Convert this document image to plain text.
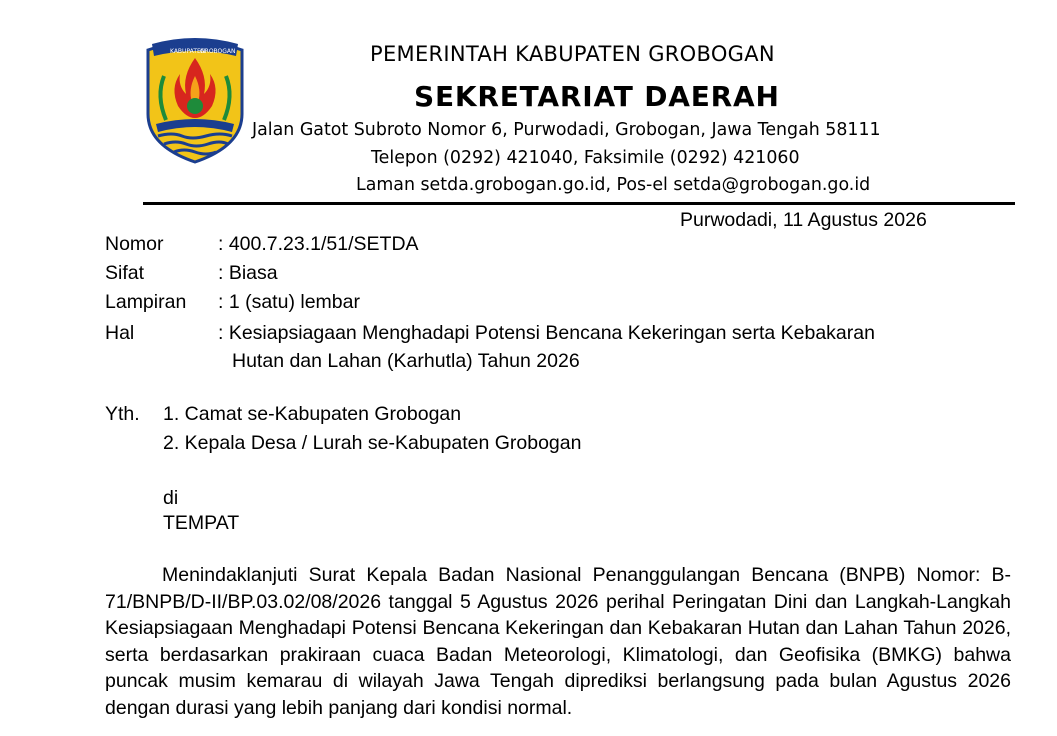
KABUPATEN
GROBOGAN	PEMERINTAH KABUPATEN GROBOGAN
SEKRETARIAT DAERAH
Jalan Gatot Subroto Nomor 6, Purwodadi, Grobogan, Jawa Tengah 58111
Telepon (0292) 421040, Faksimile (0292) 421060
Laman setda.grobogan.go.id, Pos-el setda@grobogan.go.id
Purwodadi, 11 Agustus 2026
Nomor	: 400.7.23.1/51/SETDA
Sifat	: Biasa
Lampiran : 1 (satu) lembar
Hal	: Kesiapsiagaan Menghadapi Potensi Bencana Kekeringan serta Kebakaran
Hutan dan Lahan (Karhutla) Tahun 2026
Yth. 1. Camat se-Kabupaten Grobogan
2. Kepala Desa / Lurah se-Kabupaten Grobogan
di
TEMPAT
Menindaklanjuti Surat Kepala Badan Nasional Penanggulangan Bencana (BNPB) Nomor: B-71/BNPB/D-II/BP.03.02/08/2026 tanggal 5 Agustus 2026 perihal Peringatan Dini dan Langkah-Langkah Kesiapsiagaan Menghadapi Potensi Bencana Kekeringan dan Kebakaran Hutan dan Lahan Tahun 2026, serta berdasarkan prakiraan cuaca Badan Meteorologi, Klimatologi, dan Geofisika (BMKG) bahwa puncak musim kemarau di wilayah Jawa Tengah diprediksi berlangsung pada bulan Agustus 2026 dengan durasi yang lebih panjang dari kondisi normal.
